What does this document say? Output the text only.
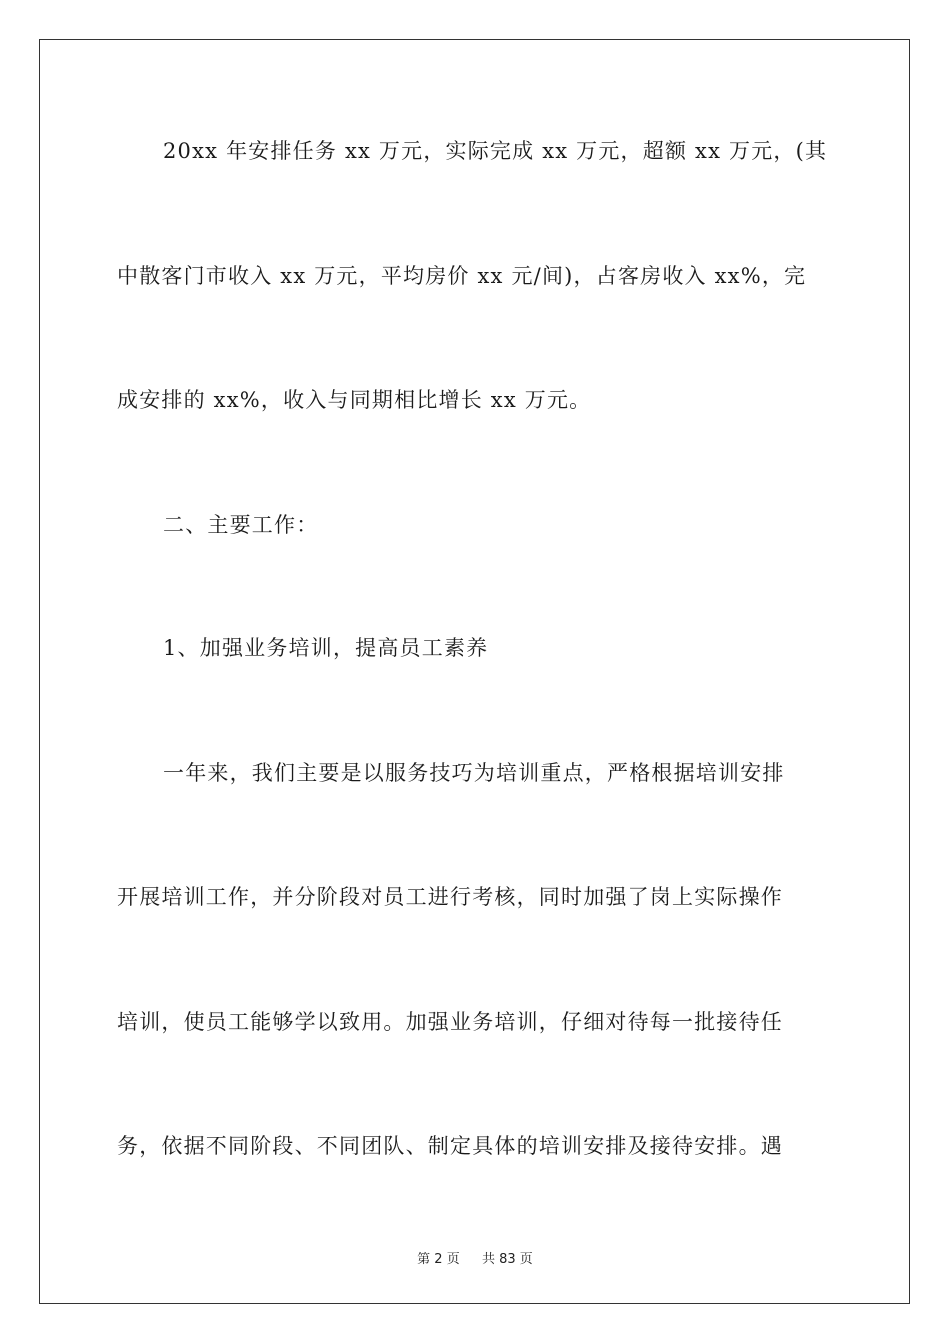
20xx 年安排任务 xx 万元，实际完成 xx 万元，超额 xx 万元，(其
中散客门市收入 xx 万元，平均房价 xx 元/间)，占客房收入 xx%，完
成安排的 xx%，收入与同期相比增长 xx 万元。
二、主要工作：
1、加强业务培训，提高员工素养
一年来，我们主要是以服务技巧为培训重点，严格根据培训安排
开展培训工作，并分阶段对员工进行考核，同时加强了岗上实际操作
培训，使员工能够学以致用。加强业务培训，仔细对待每一批接待任
务，依据不同阶段、不同团队、制定具体的培训安排及接待安排。遇
第 2 页 共 83 页
